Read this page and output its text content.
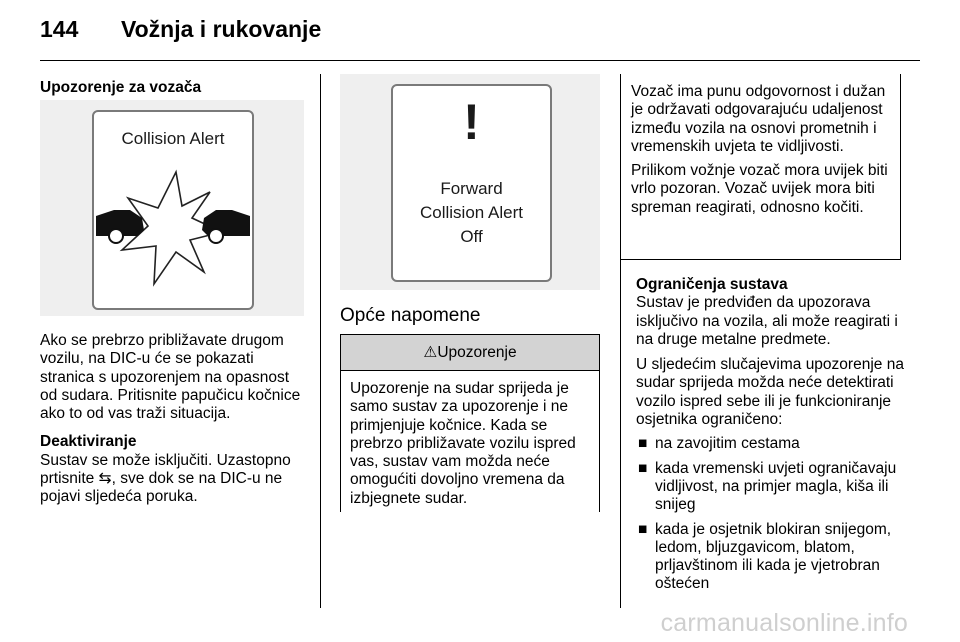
144 Vožnja i rukovanje

Upozorenje za vozača

Collision Alert

Ako se prebrzo približavate drugom vozilu, na DIC-u će se pokazati stranica s upozorenjem na opasnost od sudara. Pritisnite papučicu kočnice ako to od vas traži situacija.

Deaktiviranje

Sustav se može isključiti. Uzastopno prtisnite ⇆, sve dok se na DIC-u ne pojavi sljedeća poruka.

!
Forward
Collision Alert
Off
Opće napomene
⚠Upozorenje
Upozorenje na sudar sprijeda je samo sustav za upozorenje i ne primjenjuje kočnice. Kada se prebrzo približavate vozilu ispred vas, sustav vam možda neće omogućiti dovoljno vremena da izbjegnete sudar.

Vozač ima punu odgovornost i dužan je održavati odgovarajuću udaljenost između vozila na osnovi prometnih i vremenskih uvjeta te vidljivosti.

Prilikom vožnje vozač mora uvijek biti vrlo pozoran. Vozač uvijek mora biti spreman reagirati, odnosno kočiti.

Ograničenja sustava

Sustav je predviđen da upozorava isključivo na vozila, ali može reagirati i na druge metalne predmete.

U sljedećim slučajevima upozorenje na sudar sprijeda možda neće detektirati vozilo ispred sebe ili je funkcioniranje osjetnika ograničeno:

■ na zavojitim cestama
■ kada vremenski uvjeti ograničavaju vidljivost, na primjer magla, kiša ili snijeg
■ kada je osjetnik blokiran snijegom, ledom, bljuzgavicom, blatom, prljavštinom ili kada je vjetrobran oštećen
carmanualsonline.info
